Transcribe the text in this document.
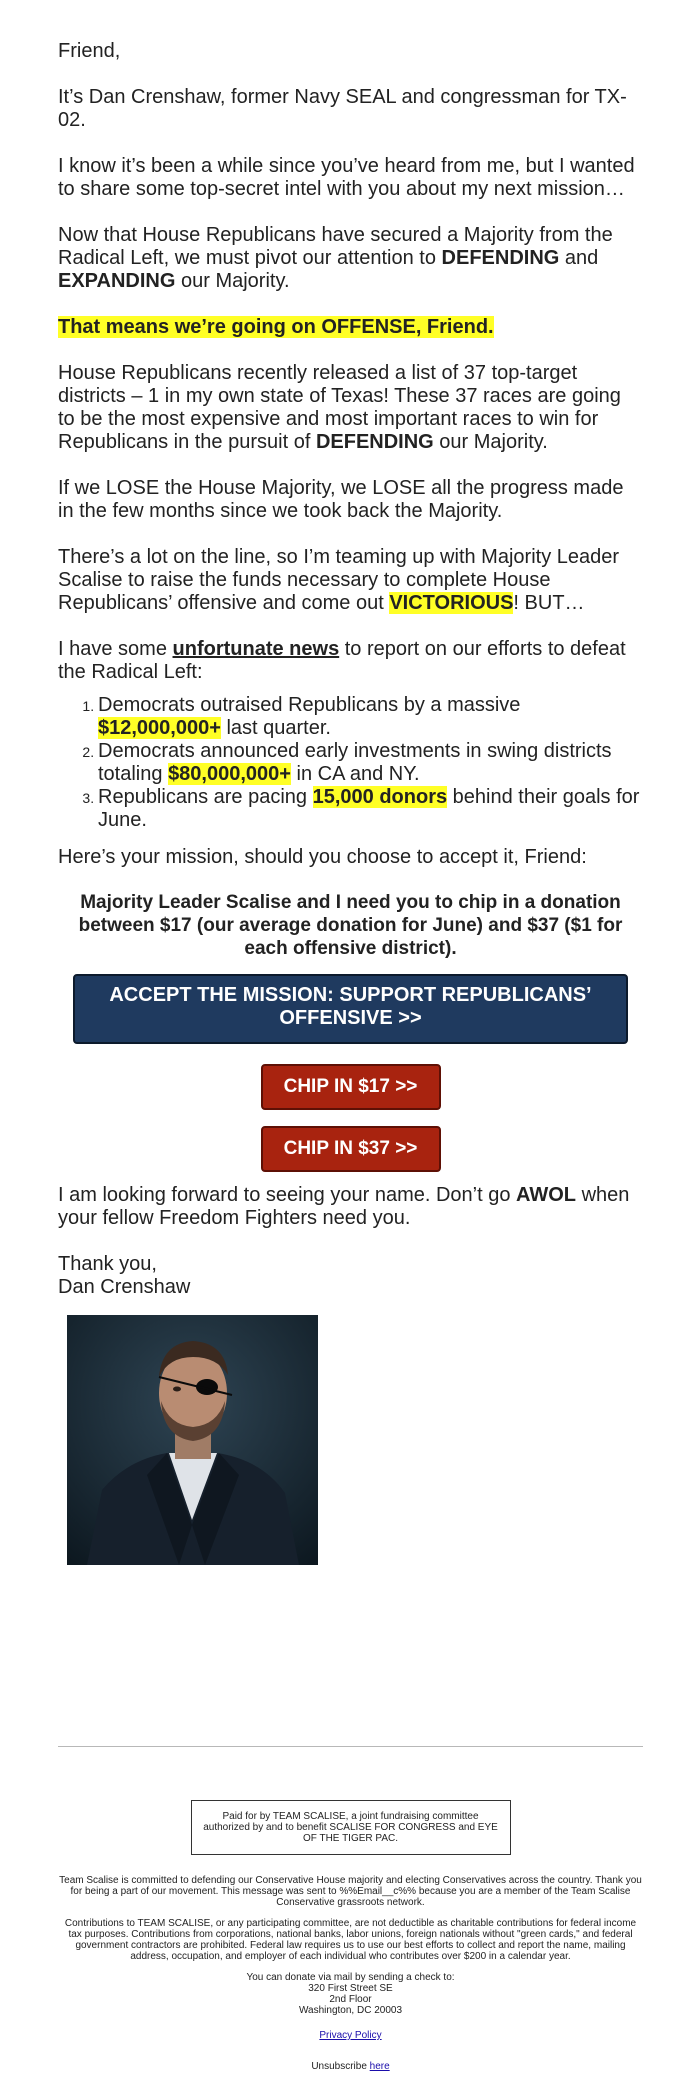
Friend,

It’s Dan Crenshaw, former Navy SEAL and congressman for TX-02.

I know it’s been a while since you’ve heard from me, but I wanted to share some top-secret intel with you about my next mission…

Now that House Republicans have secured a Majority from the Radical Left, we must pivot our attention to DEFENDING and EXPANDING our Majority.

That means we’re going on OFFENSE, Friend.

House Republicans recently released a list of 37 top-target districts – 1 in my own state of Texas! These 37 races are going to be the most expensive and most important races to win for Republicans in the pursuit of DEFENDING our Majority.

If we LOSE the House Majority, we LOSE all the progress made in the few months since we took back the Majority.

There’s a lot on the line, so I’m teaming up with Majority Leader Scalise to raise the funds necessary to complete House Republicans’ offensive and come out VICTORIOUS! BUT…

I have some unfortunate news to report on our efforts to defeat the Radical Left:

1. Democrats outraised Republicans by a massive $12,000,000+ last quarter.
2. Democrats announced early investments in swing districts totaling $80,000,000+ in CA and NY.
3. Republicans are pacing 15,000 donors behind their goals for June.

Here’s your mission, should you choose to accept it, Friend:

Majority Leader Scalise and I need you to chip in a donation between $17 (our average donation for June) and $37 ($1 for each offensive district).
ACCEPT THE MISSION: SUPPORT REPUBLICANS’ OFFENSIVE >>
CHIP IN $17 >>
CHIP IN $37 >>

I am looking forward to seeing your name. Don’t go AWOL when your fellow Freedom Fighters need you.

Thank you,

Dan Crenshaw

Paid for by TEAM SCALISE, a joint fundraising committee authorized by and to benefit SCALISE FOR CONGRESS and EYE OF THE TIGER PAC.

Team Scalise is committed to defending our Conservative House majority and electing Conservatives across the country. Thank you for being a part of our movement. This message was sent to %%Email__c%% because you are a member of the Team Scalise Conservative grassroots network.

Contributions to TEAM SCALISE, or any participating committee, are not deductible as charitable contributions for federal income tax purposes. Contributions from corporations, national banks, labor unions, foreign nationals without "green cards," and federal government contractors are prohibited. Federal law requires us to use our best efforts to collect and report the name, mailing address, occupation, and employer of each individual who contributes over $200 in a calendar year.

You can donate via mail by sending a check to:
320 First Street SE
2nd Floor
Washington, DC 20003

Privacy Policy

Unsubscribe here
